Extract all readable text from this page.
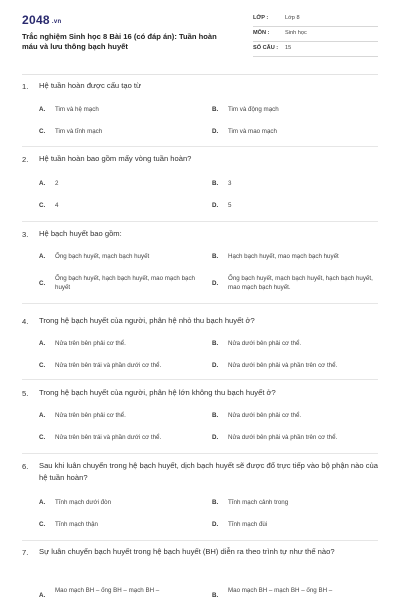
2048 .vn
Trắc nghiệm Sinh học 8 Bài 16 (có đáp án): Tuần hoàn máu và lưu thông bạch huyết
LỚP :	Lớp 8
MÔN :	Sinh học
SỐ CÂU : 15
1. Hệ tuần hoàn được cấu tạo từ
A. Tim và hệ mạch	B. Tim và động mạch
C. Tim và tĩnh mạch	D. Tim và mao mạch
2. Hệ tuần hoàn bao gồm mấy vòng tuần hoàn?
A. 2	B. 3
C. 4	D. 5
3. Hệ bạch huyết bao gồm:
A. Ống bạch huyết, mạch bạch huyết	B. Hạch bạch huyết, mao mạch bạch huyết
C.
Ống bạch huyết, hạch bạch huyết, mao mạch bạch huyết
D.
Ống bạch huyết, mạch bạch huyết, hạch bạch huyết, mao mạch bạch huyết.
4. Trong hệ bạch huyết của người, phân hệ nhỏ thu bạch huyết ở?
A. Nửa trên bên phải cơ thể.	B. Nửa dưới bên phải cơ thể.
C. Nửa trên bên trái và phần dưới cơ thể.	D. Nửa dưới bên phải và phần trên cơ thể.
5. Trong hệ bạch huyết của người, phân hệ lớn không thu bạch huyết ở?
A. Nửa trên bên phải cơ thể.	B. Nửa dưới bên phải cơ thể.
C. Nửa trên bên trái và phần dưới cơ thể.	D. Nửa dưới bên phải và phần trên cơ thể.
6. Sau khi luân chuyển trong hệ bạch huyết, dịch bạch huyết sẽ được đổ trực tiếp vào bộ phận nào của hệ tuần hoàn?
A. Tĩnh mạch dưới đòn	B. Tĩnh mạch cảnh trong
C. Tĩnh mạch thận	D. Tĩnh mạch đùi
7. Sự luân chuyển bạch huyết trong hệ bạch huyết (BH) diễn ra theo trình tự như thế nào?
A.
Mao mạch BH – ống BH – mạch BH –
B.
Mao mạch BH – mạch BH – ống BH –
